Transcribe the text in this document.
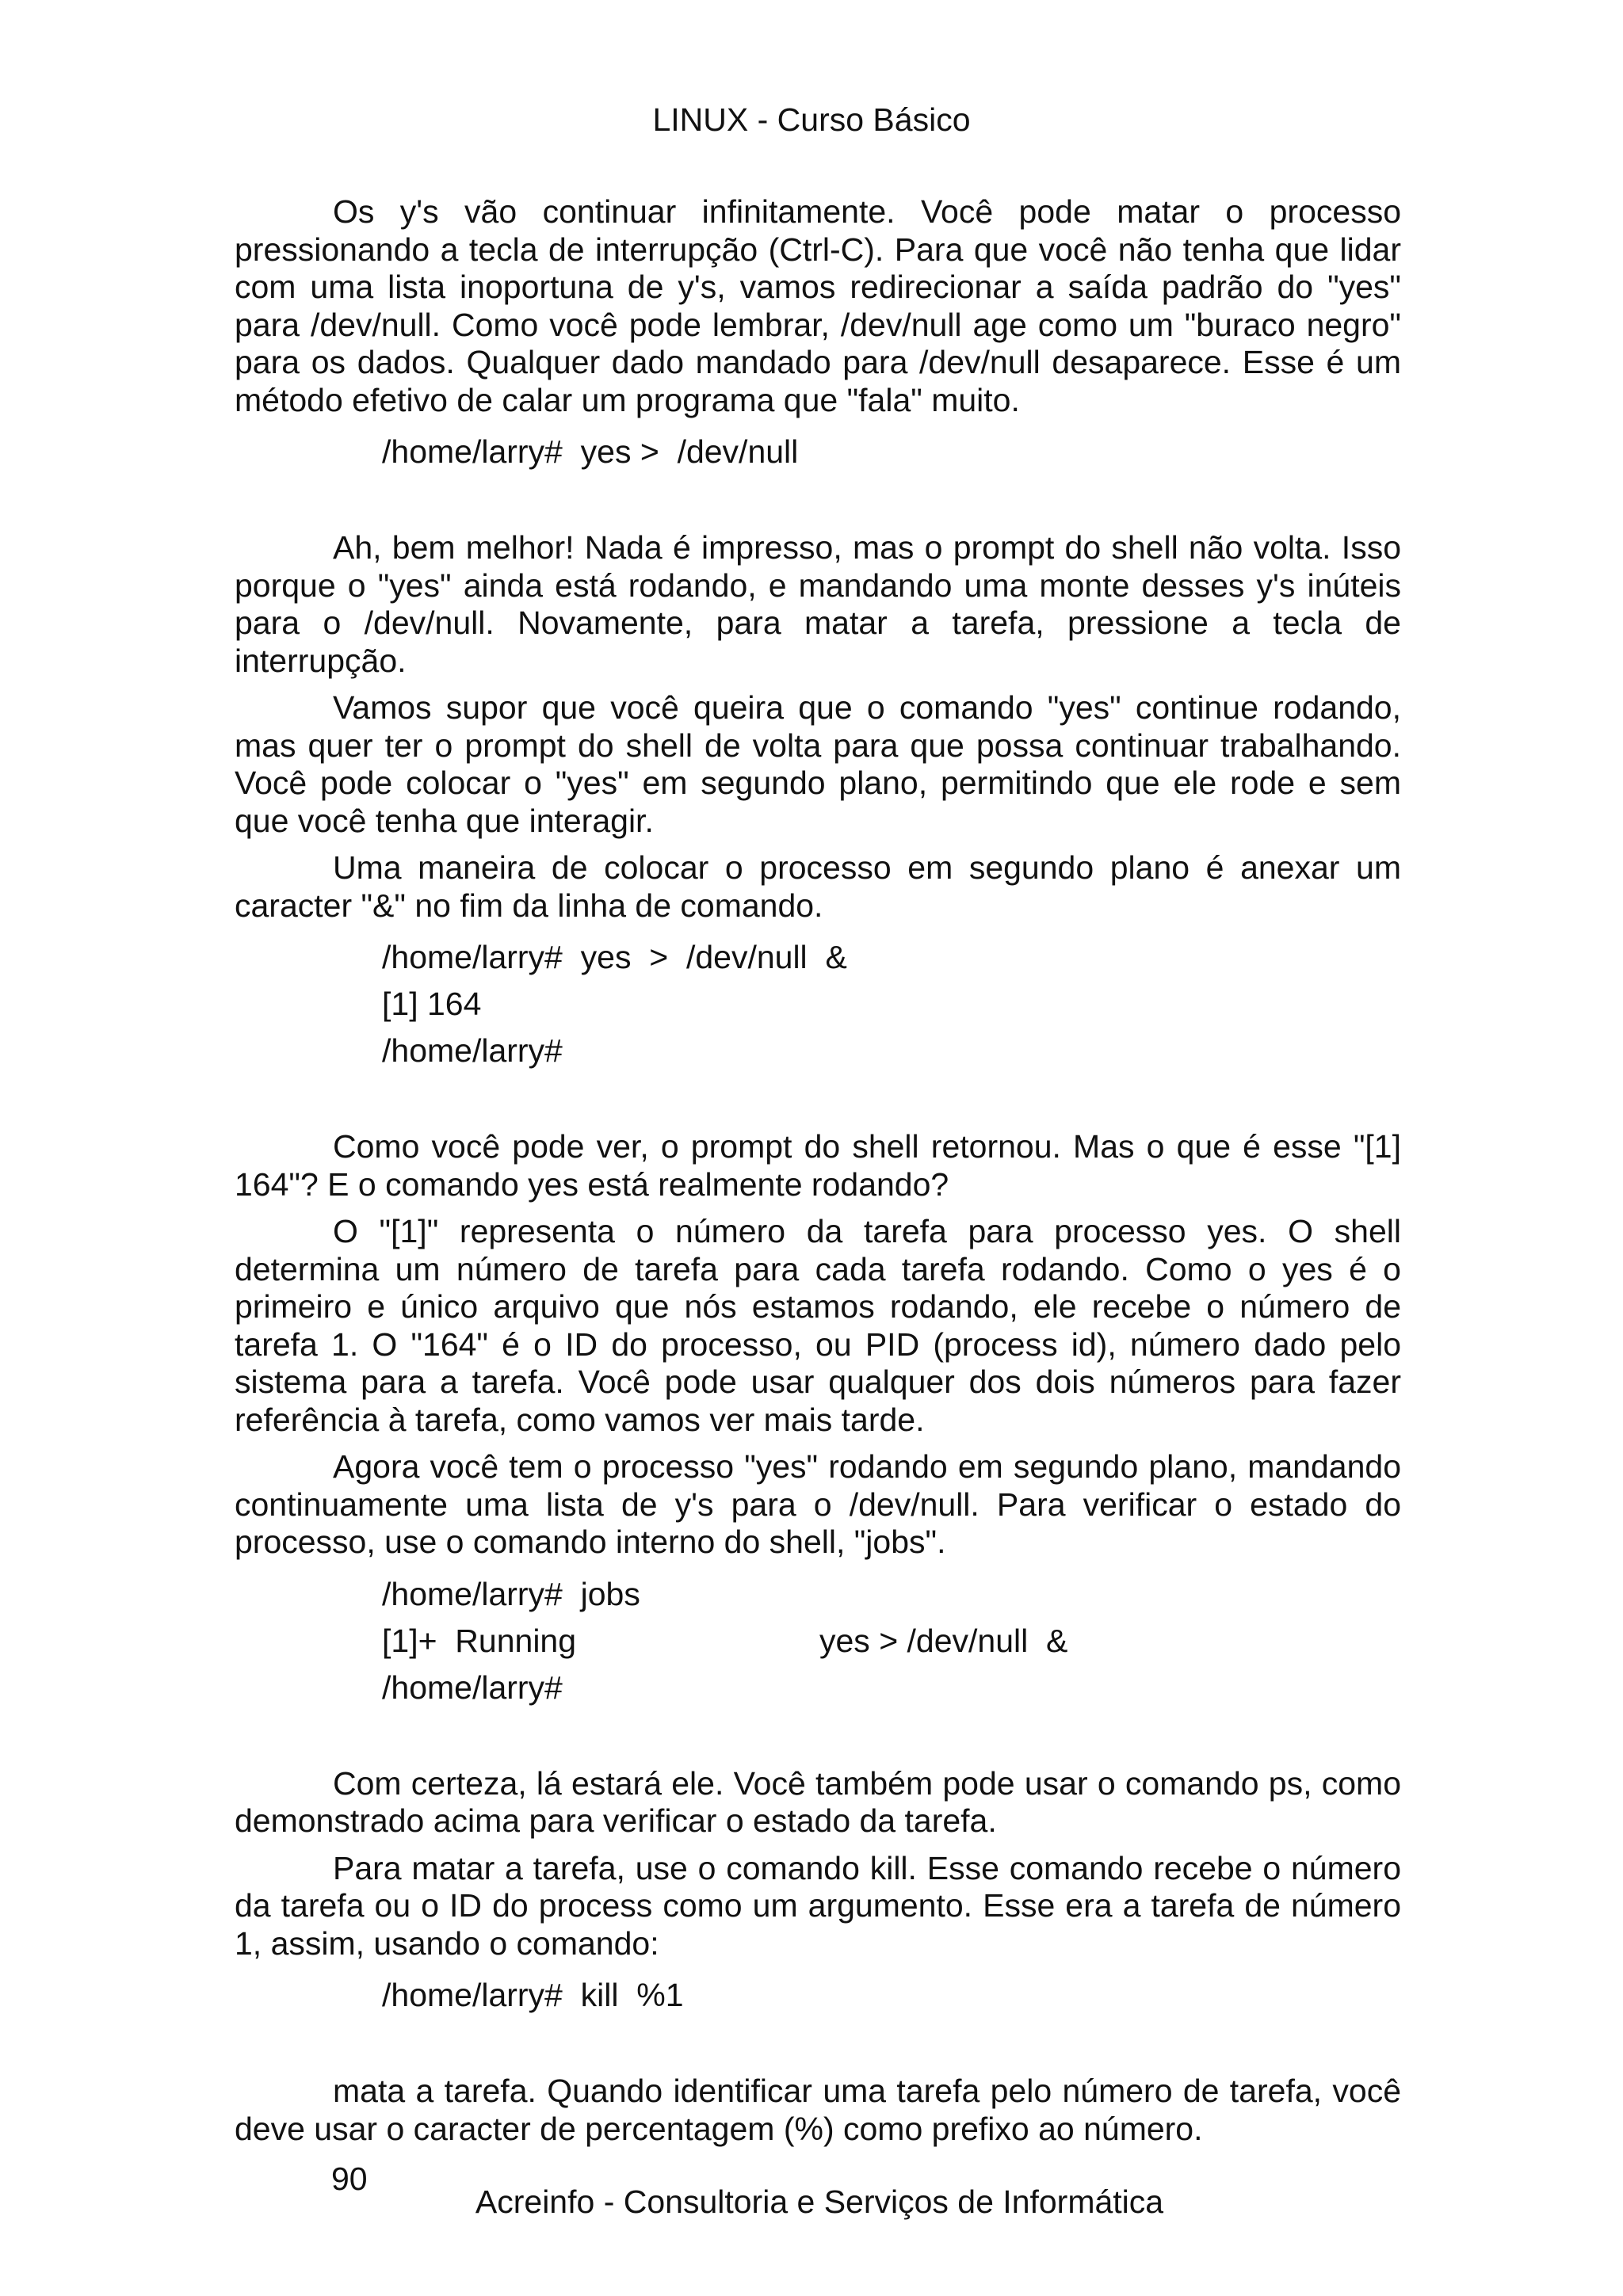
LINUX - Curso Básico

Os y's vão continuar infinitamente. Você pode matar o processo pressionando a tecla de interrupção (Ctrl-C). Para que você não tenha que lidar com uma lista inoportuna de y's, vamos redirecionar a saída padrão do "yes" para /dev/null. Como você pode lembrar, /dev/null age como um "buraco negro" para os dados. Qualquer dado mandado para /dev/null desaparece. Esse é um método efetivo de calar um programa que "fala" muito.

/home/larry#  yes >  /dev/null

Ah, bem melhor! Nada é impresso, mas o prompt do shell não volta. Isso porque o "yes" ainda está rodando, e mandando uma monte desses y's inúteis para o /dev/null. Novamente, para matar a tarefa, pressione a tecla de interrupção.

Vamos supor que você queira que o comando "yes" continue rodando, mas quer ter o prompt do shell de volta para que possa continuar trabalhando. Você pode colocar o "yes" em segundo plano, permitindo que ele rode e sem que você tenha que interagir.

Uma maneira de colocar o processo em segundo plano é anexar um caracter "&" no fim da linha de comando.

/home/larry#  yes  >  /dev/null  &
[1] 164
/home/larry#

Como você pode ver, o prompt do shell retornou. Mas o que é esse "[1] 164"? E o comando yes está realmente rodando?

O "[1]" representa o número da tarefa para processo yes. O shell determina um número de tarefa para cada tarefa rodando. Como o yes é o primeiro e único arquivo que nós estamos rodando, ele recebe o número de tarefa 1. O "164" é o ID do processo, ou PID (process id), número dado pelo sistema para a tarefa. Você pode usar qualquer dos dois números para fazer referência à tarefa, como vamos ver mais tarde.

Agora você tem o processo "yes" rodando em segundo plano, mandando continuamente uma lista de y's para o /dev/null. Para verificar o estado do processo, use o comando interno do shell, "jobs".

/home/larry#  jobs
[1]+  Running	yes > /dev/null  &
/home/larry#

Com certeza, lá estará ele. Você também pode usar o comando ps, como demonstrado acima para verificar o estado da tarefa.

Para matar a tarefa, use o comando kill. Esse comando recebe o número da tarefa ou o ID do process como um argumento. Esse era a tarefa de número 1, assim, usando o comando:

/home/larry#  kill  %1

mata a tarefa. Quando identificar uma tarefa pelo número de tarefa, você deve usar o caracter de percentagem (%) como prefixo ao número.

90
Acreinfo - Consultoria e Serviços de Informática
